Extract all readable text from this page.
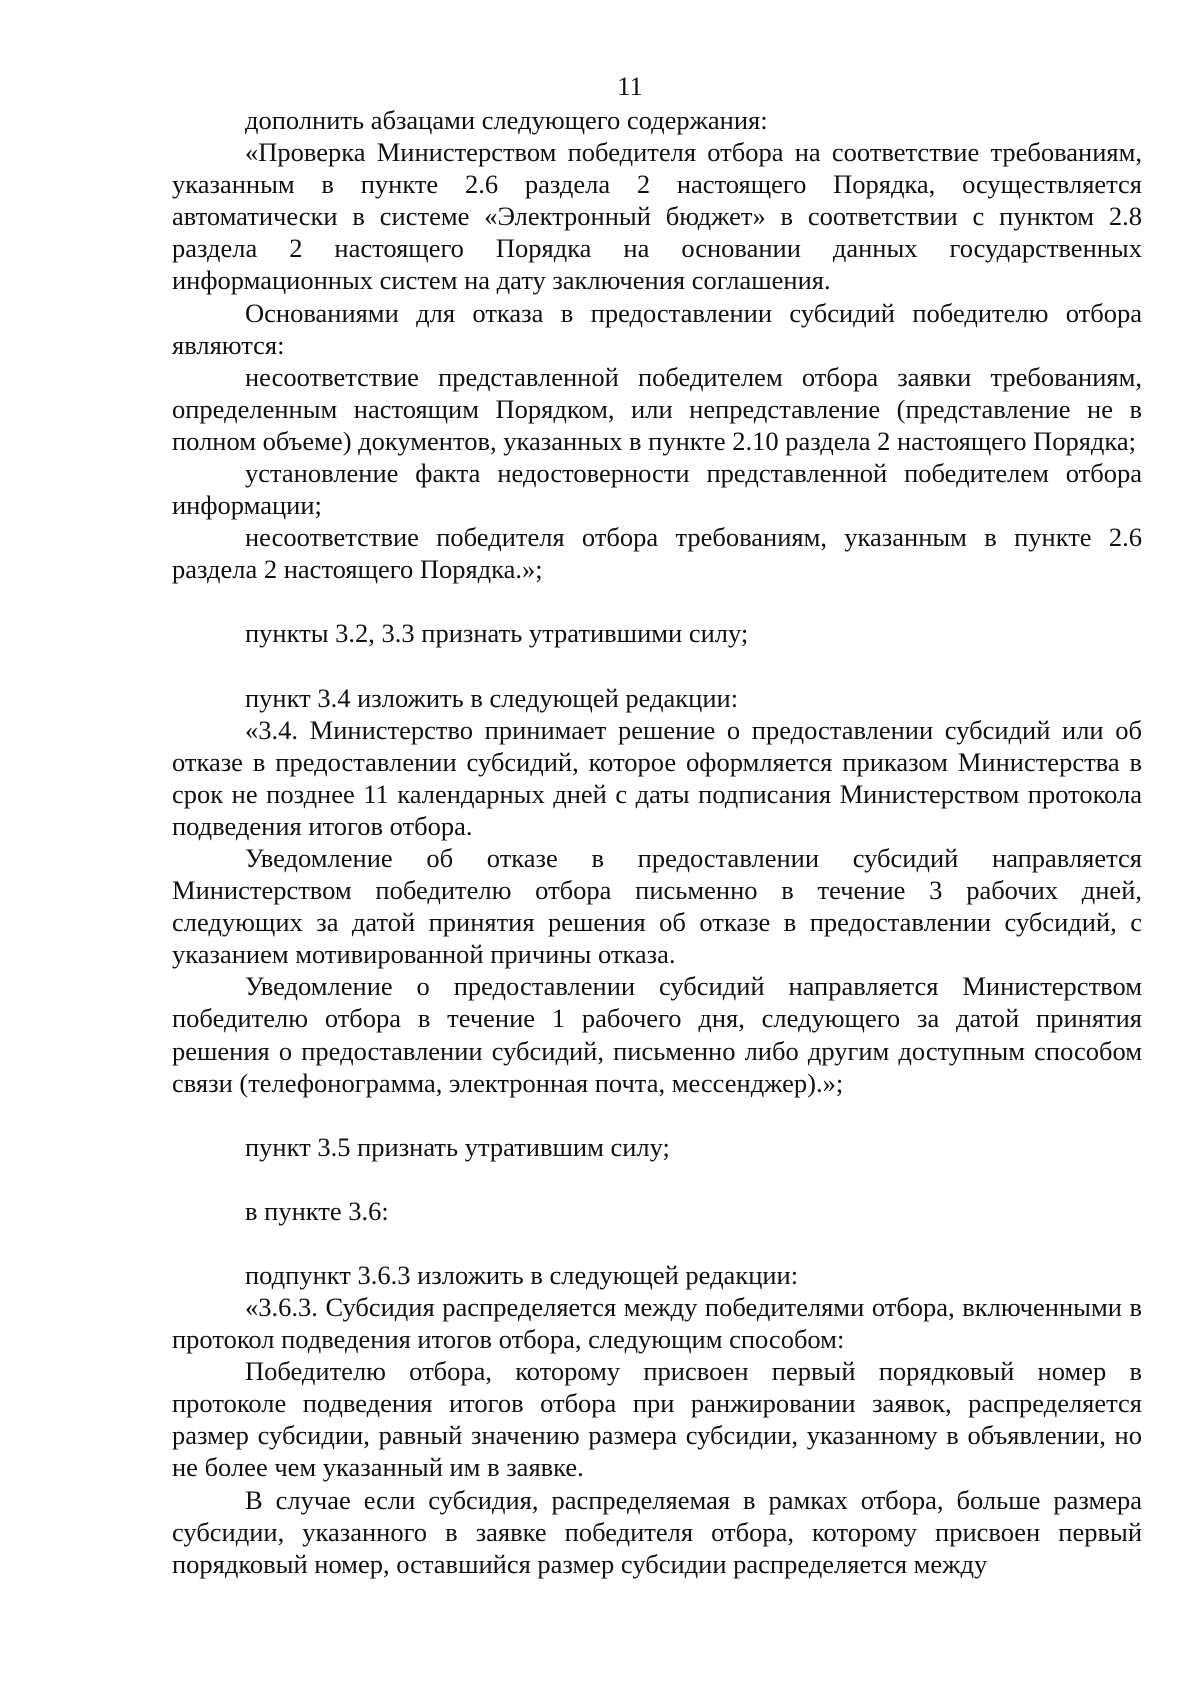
11

дополнить абзацами следующего содержания:

«Проверка Министерством победителя отбора на соответствие требованиям, указанным в пункте 2.6 раздела 2 настоящего Порядка, осуществляется автоматически в системе «Электронный бюджет» в соответствии с пунктом 2.8 раздела 2 настоящего Порядка на основании данных государственных информационных систем на дату заключения соглашения.

Основаниями для отказа в предоставлении субсидий победителю отбора являются:

несоответствие представленной победителем отбора заявки требованиям, определенным настоящим Порядком, или непредставление (представление не в полном объеме) документов, указанных в пункте 2.10 раздела 2 настоящего Порядка;

установление факта недостоверности представленной победителем отбора информации;

несоответствие победителя отбора требованиям, указанным в пункте 2.6 раздела 2 настоящего Порядка.»;

пункты 3.2, 3.3 признать утратившими силу;

пункт 3.4 изложить в следующей редакции:

«3.4. Министерство принимает решение о предоставлении субсидий или об отказе в предоставлении субсидий, которое оформляется приказом Министерства в срок не позднее 11 календарных дней с даты подписания Министерством протокола подведения итогов отбора.

Уведомление об отказе в предоставлении субсидий направляется Министерством победителю отбора письменно в течение 3 рабочих дней, следующих за датой принятия решения об отказе в предоставлении субсидий, с указанием мотивированной причины отказа.

Уведомление о предоставлении субсидий направляется Министерством победителю отбора в течение 1 рабочего дня, следующего за датой принятия решения о предоставлении субсидий, письменно либо другим доступным способом связи (телефонограмма, электронная почта, мессенджер).»;

пункт 3.5 признать утратившим силу;

в пункте 3.6:

подпункт 3.6.3 изложить в следующей редакции:

«3.6.3. Субсидия распределяется между победителями отбора, включенными в протокол подведения итогов отбора, следующим способом:

Победителю отбора, которому присвоен первый порядковый номер в протоколе подведения итогов отбора при ранжировании заявок, распределяется размер субсидии, равный значению размера субсидии, указанному в объявлении, но не более чем указанный им в заявке.

В случае если субсидия, распределяемая в рамках отбора, больше размера субсидии, указанного в заявке победителя отбора, которому присвоен первый порядковый номер, оставшийся размер субсидии распределяется между
